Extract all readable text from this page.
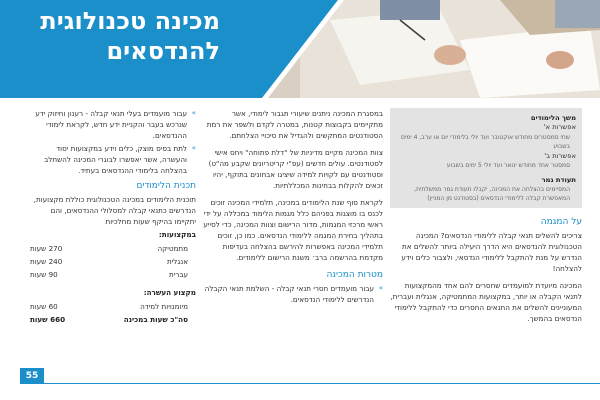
מכינה טכנולוגית
להנדסאים
משך הלימודים
אפשרות א'
שתי סמסטרים מחודש אוקטובר ועד יולי בלימודי יום או ערב, 4 ימים בשבוע
אפשרות ב'
סמסטר אחד מחודש ינואר ועד יולי 5 ימים בשבוע
תעודת גמר
המסיימים בהצלחה את המכינה, יקבלו תעודת גמר ממשלתית, המאפשרת קבלה ללימודי הנדסאים (בסטודנט מן המניין)
על המגמה

צריכים להשלים תנאי קבלה ללימודי הנדסאים? המכינה הטכנולוגית להנדסאים היא הדרך היעילה ביותר להשלים את הנדרש על מנת להתקבל ללימודי הנדסאי, ולצבור כלים וידע להצלחה!

המכינה מיועדת למועמדים שחסרים להם אחד מהמקצועות לתנאי הקבלה או יותר, במקצועות המתמטיקה, אנגלית ועברית, המעוניינים להשלים את התנאים החסרים כדי להתקבל ללימודי הנדסאים בהמשך.

במסגרת המכינה ניתנים שיעורי תגבור לימודי, אשר מתקיימים בקבוצות קטנות, במטרה לקדם ולשפר את רמת הסטודנטים המתקשים ולהגדיל את סיכויי הצלחתם.

צוות המכינה מקיים מדיניות של "דלת פתוחה" ויחס אישי לסטודנטים. עולים חדשים (עפ"י קריטריונים שקבע מה"ט) וסטודנטים עם לקויות למידה שיציגו אבחונים בתוקף, יהיו זכאים להקלות בבחינות המכללתיות.

לקראת סוף שנת הלימודים במכינה, תלמידי המכינה זוכים לכנס בו מוצגות בפניהם כלל מגמות הלימוד במכללה על ידי ראשי מרכזי המגמות, מדור הרישום וצוות המכינה, כדי לסייע בתהליך בחירת המגמה ללימודי הנדסאים. כמו כן, זוכים תלמידי המכינה באפשרות להירשם בהצלחה בעדיפות מקדמת בהרשמה ברב׳ משנת הרישום ללימודים.

מטרות המכינה
»
עבור מועמדים חסרי תנאי קבלה - השלמת תנאי הקבלה הנדרשים ללימודי הנדסאים.
»
עבור מועמדים בעלי תנאי קבלה - רענון וחיזוק ידע שנרכש בעבר והקניית ידע חדש, לקראת לימודי ההנדסאים.
»
לתת בסיס מוצק, כלים וידע במקצועות יסוד והעשרה, אשר יאפשרו לבוגרי המכינה להשתלב בהצלחה בלימודי ההנדסאים בעתיד.
תכנית הלימודים

תוכנית הלימודים במכינה הטכנולוגית כוללת מקצועות, הנדרשים כתנאי קבלה למסלולי ההנדסאים, והם יתקיימו בהיקף שעות מחלכיות

במקצועות:
מתמטיקה
270 שעות
אנגלית
240 שעות
עברית
90 שעות
מקצוע העשרה:
מיומנויות למידה
60 שעות
סה"כ שעות במכינה
660 שעות
55
